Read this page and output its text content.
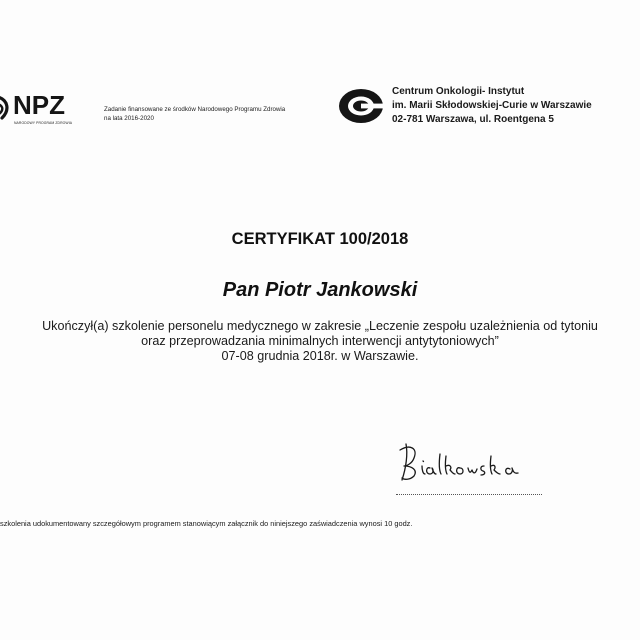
NPZ
NARODOWY PROGRAM ZDROWIA
Zadanie finansowane ze środków Narodowego Programu Zdrowia
na lata 2016-2020
Centrum Onkologii- Instytut
im. Marii Skłodowskiej-Curie w Warszawie
02-781 Warszawa, ul. Roentgena 5
CERTYFIKAT 100/2018
Pan Piotr Jankowski
Ukończył(a) szkolenie personelu medycznego w zakresie „Leczenie zespołu uzależnienia od tytoniu
oraz przeprowadzania minimalnych interwencji antytytoniowych”
07-08 grudnia 2018r. w Warszawie.
szkolenia udokumentowany szczegółowym programem stanowiącym załącznik do niniejszego zaświadczenia wynosi 10 godz.
